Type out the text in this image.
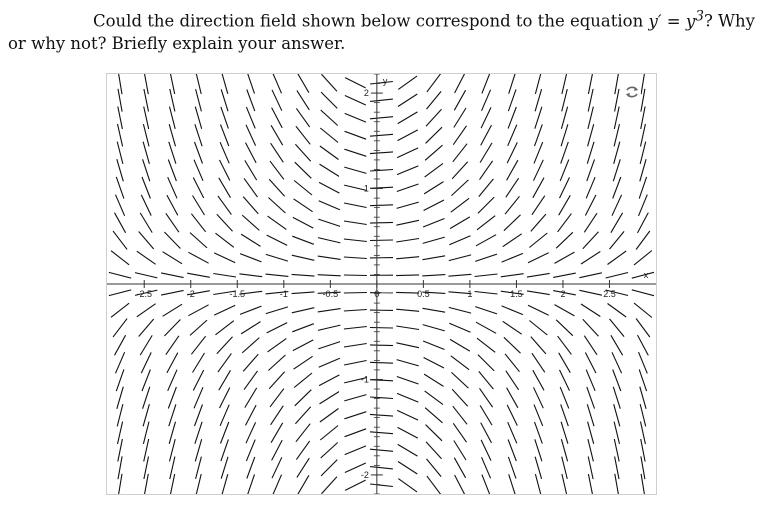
Could the direction field shown below correspond to the equation $y' = y^3$? Why or why not? Briefly explain your answer.
-2.5	-2	-1.5	-1	-0.5	0	0.5	1	1.5	2	2.5
2
1
-1
-2
x
y
